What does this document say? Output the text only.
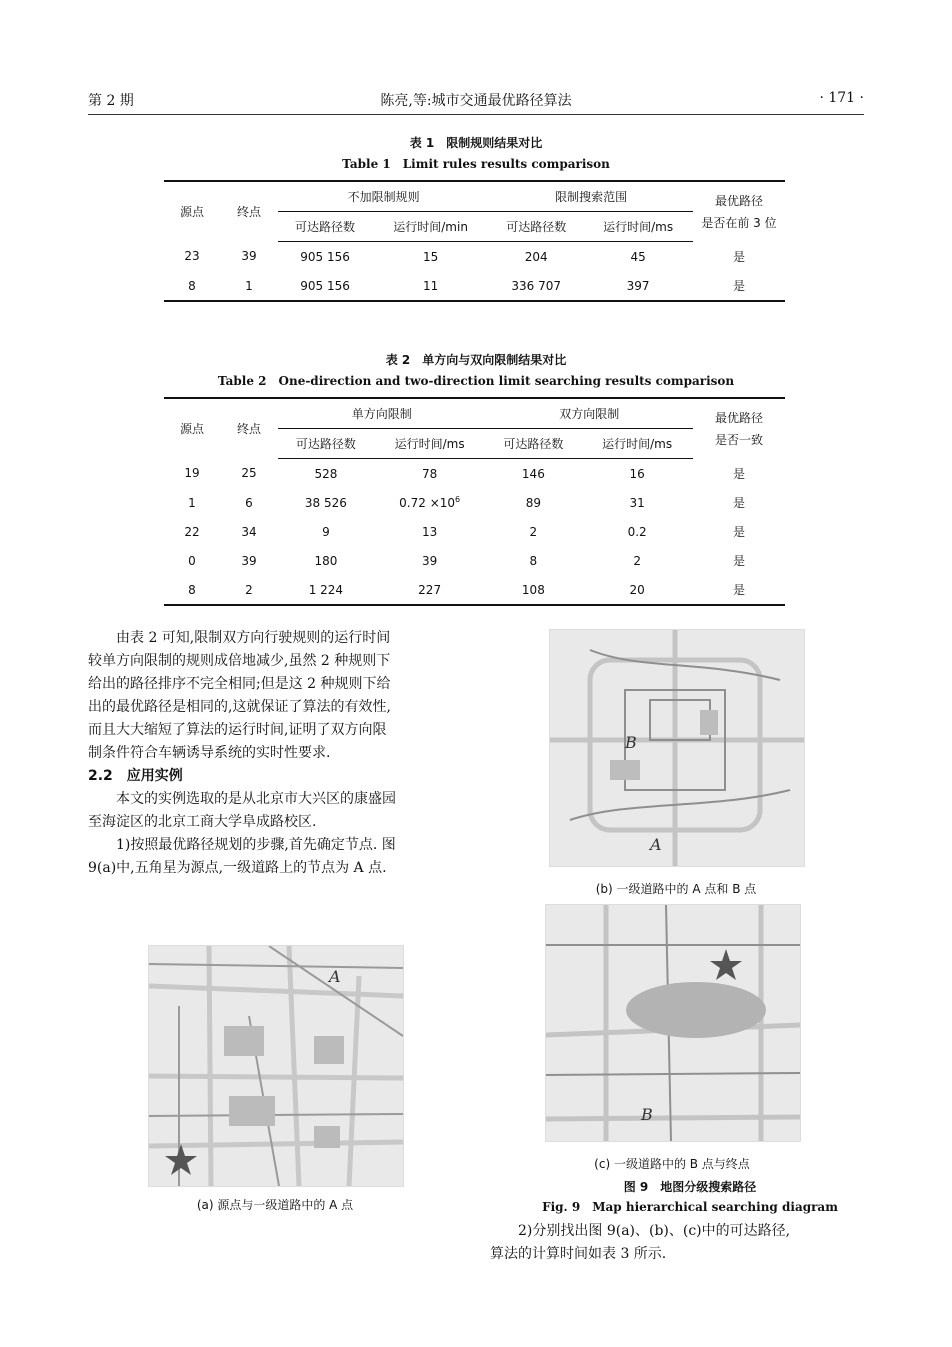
第 2 期	陈亮,等:城市交通最优路径算法	· 171 ·
表 1　限制规则结果对比
Table 1　Limit rules results comparison
源点	终点	不加限制规则		限制搜索范围		最优路径
是否在前 3 位

		可达路径数	运行时间/min	可达路径数	运行时间/ms	
23	39	905 156	15	204	45	是
8	1	905 156	11	336 707	397	是
表 2　单方向与双向限制结果对比
Table 2　One-direction and two-direction limit searching results comparison
源点	终点	单方向限制		双方向限制		最优路径
是否一致

		可达路径数	运行时间/ms	可达路径数	运行时间/ms	
19	25	528	78	146	16	是
1	6	38 526	$0.72 \times 10^6$	89	31	是
22	34	9	13	2	0.2	是
0	39	180	39	8	2	是
8	2	1 224	227	108	20	是

由表 2 可知,限制双方向行驶规则的运行时间

较单方向限制的规则成倍地减少,虽然 2 种规则下

给出的路径排序不完全相同;但是这 2 种规则下给

出的最优路径是相同的,这就保证了算法的有效性,

而且大大缩短了算法的运行时间,证明了双方向限

制条件符合车辆诱导系统的实时性要求.

2.2　应用实例

本文的实例选取的是从北京市大兴区的康盛园

至海淀区的北京工商大学阜成路校区.

1)按照最优路径规划的步骤,首先确定节点. 图

9(a)中,五角星为源点,一级道路上的节点为 A 点.

A
(a) 源点与一级道路中的 A 点
B
A
(b) 一级道路中的 A 点和 B 点
B
(c) 一级道路中的 B 点与终点
图 9　地图分级搜索路径
Fig. 9　Map hierarchical searching diagram

2)分别找出图 9(a)、(b)、(c)中的可达路径,

算法的计算时间如表 3 所示.
